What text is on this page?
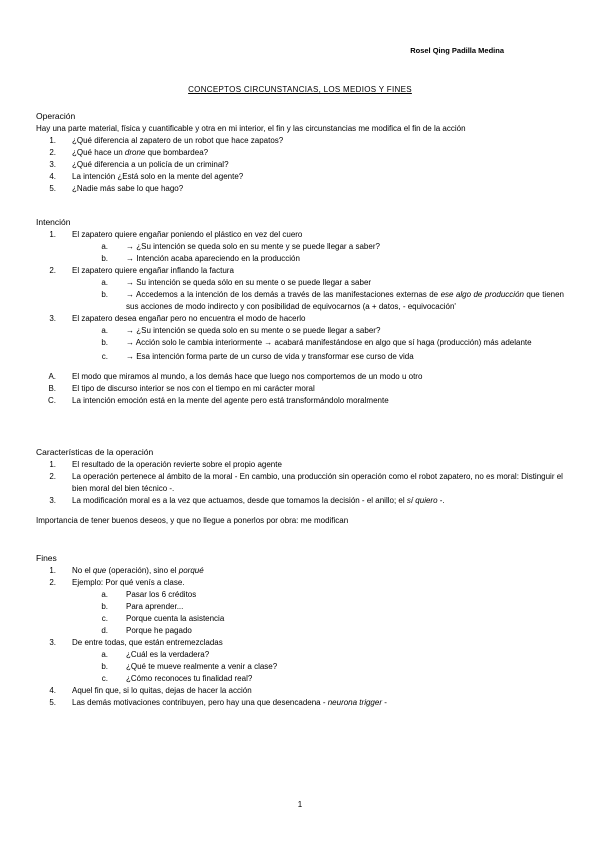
Rosel Qing Padilla Medina
CONCEPTOS CIRCUNSTANCIAS, LOS MEDIOS Y FINES
Operación
Hay una parte material, física y cuantificable y otra en mi interior, el fin y las circunstancias me modifica el fin de la acción
1.	¿Qué diferencia al zapatero de un robot que hace zapatos?
2.	¿Qué hace un drone que bombardea?
3.	¿Qué diferencia a un policía de un criminal?
4.	La intención ¿Está solo en la mente del agente?
5.	¿Nadie más sabe lo que hago?
Intención
1.	El zapatero quiere engañar poniendo el plástico en vez del cuero
a.	→ ¿Su intención se queda solo en su mente y se puede llegar a saber?
b.	→ Intención acaba apareciendo en la producción
2.	El zapatero quiere engañar inflando la factura
a.	→ Su intención se queda sólo en su mente o se puede llegar a saber
b.	→ Accedemos a la intención de los demás a través de las manifestaciones externas de ese algo de producción que tienen sus acciones de modo indirecto y con posibilidad de equivocarnos (a + datos, - equivocación'
3.	El zapatero desea engañar pero no encuentra el modo de hacerlo
a.	→ ¿Su intención se queda solo en su mente o se puede llegar a saber?
b.	→ Acción solo le cambia interiormente → acabará manifestándose en algo que sí haga (producción) más adelante
c.	→ Esa intención forma parte de un curso de vida y transformar ese curso de vida
A.	El modo que miramos al mundo, a los demás hace que luego nos comportemos de un modo u otro
B.	El tipo de discurso interior se nos con el tiempo en mi carácter moral
C.	La intención emoción está en la mente del agente pero está transformándolo moralmente
Características de la operación
1.	El resultado de la operación revierte sobre el propio agente
2.	La operación pertenece al ámbito de la moral - En cambio, una producción sin operación como el robot zapatero, no es moral: Distinguir el bien moral del bien técnico -.
3.	La modificación moral es a la vez que actuamos, desde que tomamos la decisión - el anillo; el sí quiero -.
Importancia de tener buenos deseos, y que no llegue a ponerlos por obra: me modifican
Fines
1.	No el que (operación), sino el porqué
2.	Ejemplo: Por qué venís a clase.
a.	Pasar los 6 créditos
b.	Para aprender...
c.	Porque cuenta la asistencia
d.	Porque he pagado
3.	De entre todas, que están entremezcladas
a.	¿Cuál es la verdadera?
b.	¿Qué te mueve realmente a venir a clase?
c.	¿Cómo reconoces tu finalidad real?
4.	Aquel fin que, si lo quitas, dejas de hacer la acción
5.	Las demás motivaciones contribuyen, pero hay una que desencadena - neurona trigger -
1
